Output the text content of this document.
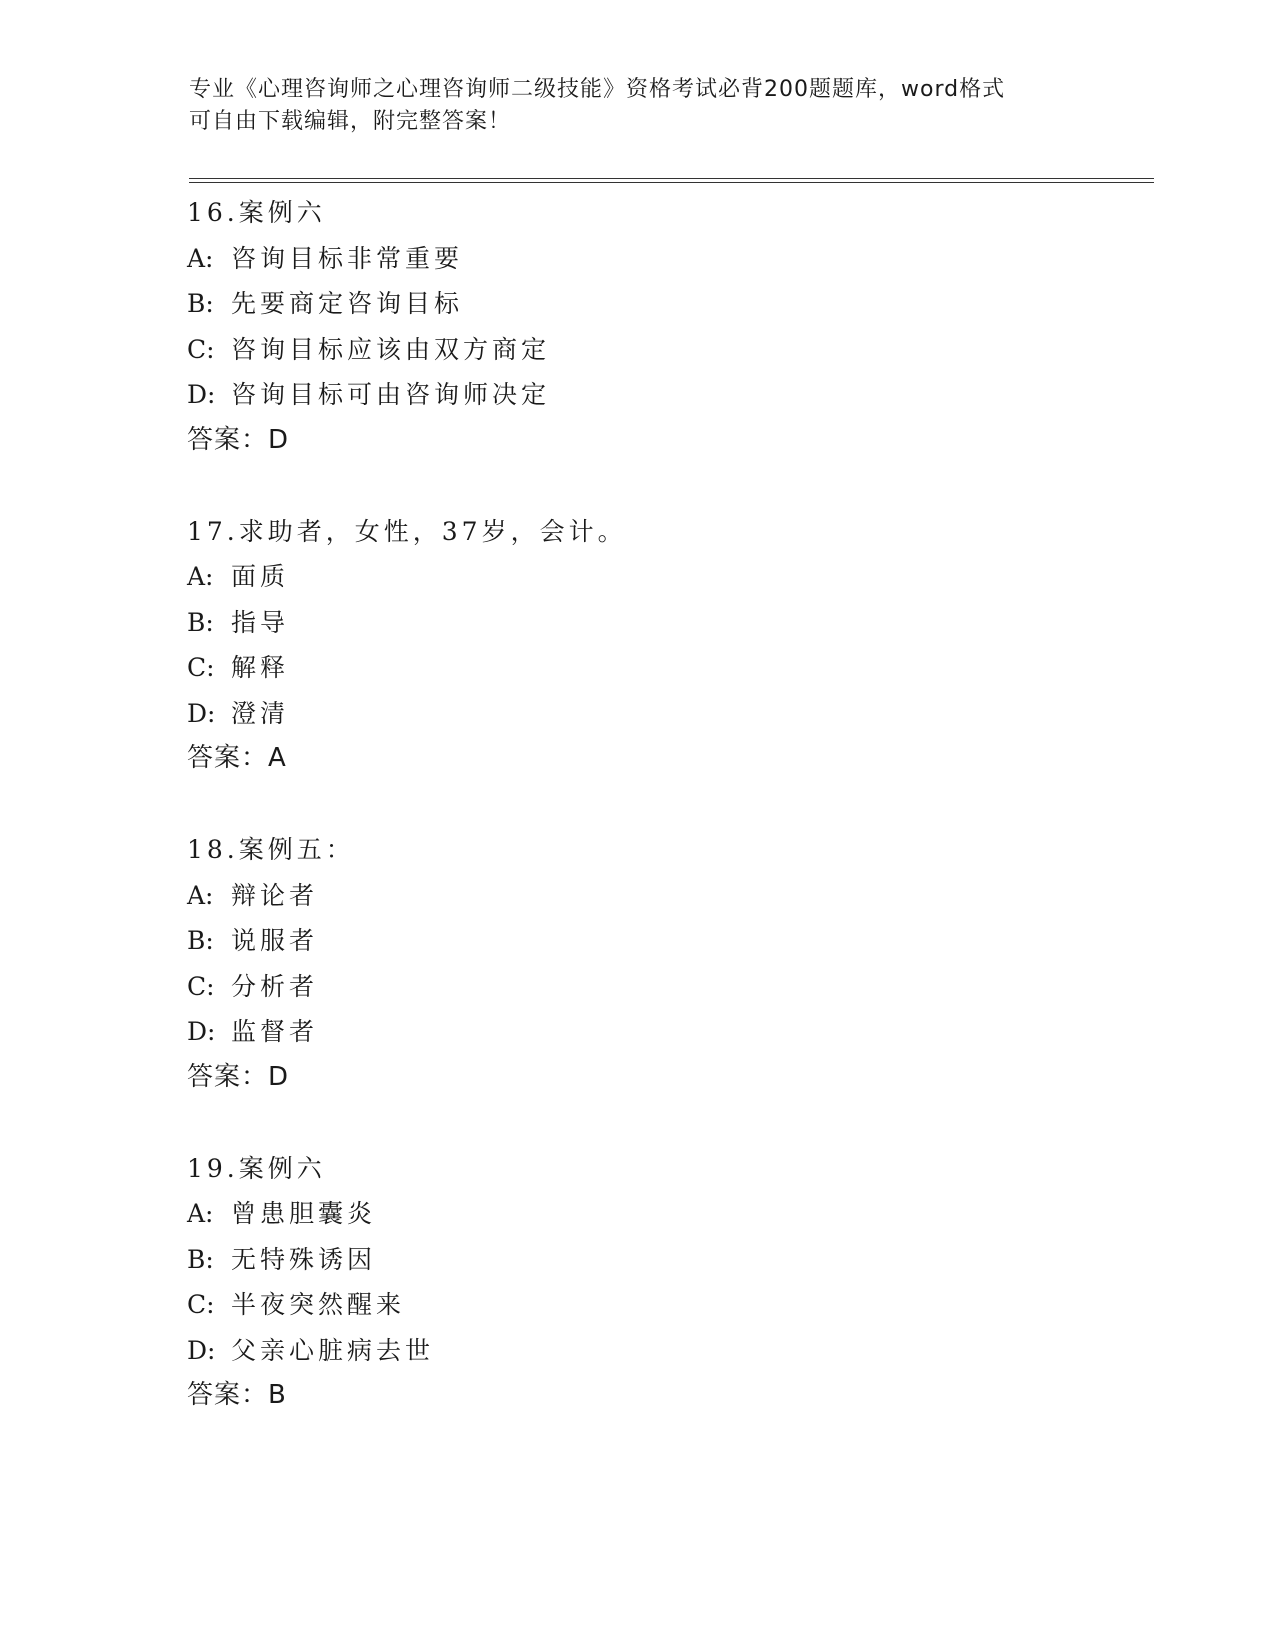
专业《心理咨询师之心理咨询师二级技能》资格考试必背200题题库，word格式
可自由下载编辑，附完整答案！
16.案例六
A: 咨询目标非常重要
B: 先要商定咨询目标
C: 咨询目标应该由双方商定
D: 咨询目标可由咨询师决定
答案：D
17.求助者，女性，37岁，会计。
A: 面质
B: 指导
C: 解释
D: 澄清
答案：A
18.案例五：
A: 辩论者
B: 说服者
C: 分析者
D: 监督者
答案：D
19.案例六
A: 曾患胆囊炎
B: 无特殊诱因
C: 半夜突然醒来
D: 父亲心脏病去世
答案：B
